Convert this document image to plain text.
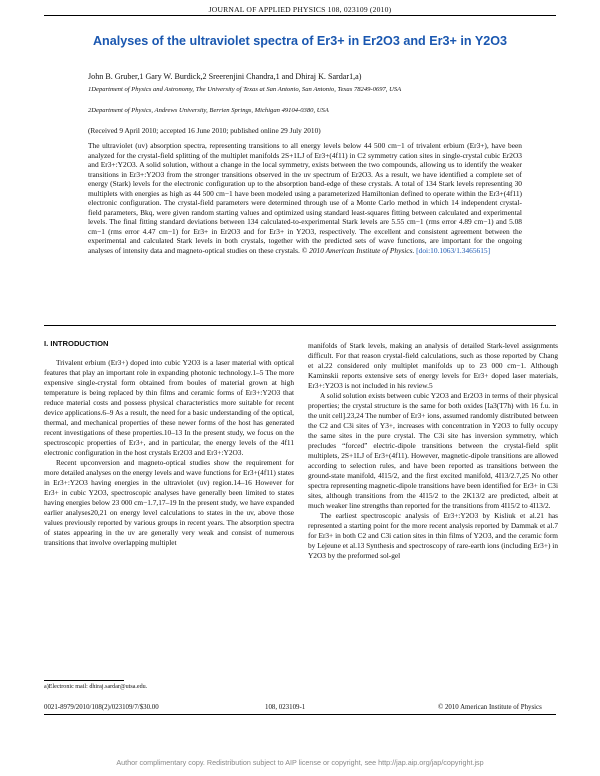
JOURNAL OF APPLIED PHYSICS 108, 023109 (2010)
Analyses of the ultraviolet spectra of Er3+ in Er2O3 and Er3+ in Y2O3
John B. Gruber,1 Gary W. Burdick,2 Sreerenjini Chandra,1 and Dhiraj K. Sardar1,a)
1Department of Physics and Astronomy, The University of Texas at San Antonio, San Antonio, Texas 78249-0697, USA
2Department of Physics, Andrews University, Berrien Springs, Michigan 49104-0380, USA
(Received 9 April 2010; accepted 16 June 2010; published online 29 July 2010)
The ultraviolet (uv) absorption spectra, representing transitions to all energy levels below 44 500 cm−1 of trivalent erbium (Er3+), have been analyzed for the crystal-field splitting of the multiplet manifolds 2S+1LJ of Er3+(4f11) in C2 symmetry cation sites in single-crystal cubic Er2O3 and Er3+:Y2O3. A solid solution, without a change in the local symmetry, exists between the two compounds, allowing us to identify the weaker transitions in Er3+:Y2O3 from the stronger transitions observed in the uv spectrum of Er2O3. As a result, we have identified a complete set of energy (Stark) levels for the electronic configuration up to the absorption band-edge of these crystals. A total of 134 Stark levels representing 30 multiplets with energies as high as 44 500 cm−1 have been modeled using a parameterized Hamiltonian defined to operate within the Er3+(4f11) electronic configuration. The crystal-field parameters were determined through use of a Monte Carlo method in which 14 independent crystal-field parameters, Bkq, were given random starting values and optimized using standard least-squares fitting between calculated and experimental levels. The final fitting standard deviations between 134 calculated-to-experimental Stark levels are 5.55 cm−1 (rms error 4.89 cm−1) and 5.08 cm−1 (rms error 4.47 cm−1) for Er3+ in Er2O3 and for Er3+ in Y2O3, respectively. The excellent and consistent agreement between the experimental and calculated Stark levels in both crystals, together with the predicted sets of wave functions, are important for the ongoing analyses of intensity data and magneto-optical studies on these crystals. © 2010 American Institute of Physics. [doi:10.1063/1.3465615]
I. INTRODUCTION

Trivalent erbium (Er3+) doped into cubic Y2O3 is a laser material with optical features that play an important role in expanding photonic technology.1–5 The more expensive single-crystal form obtained from boules of material grown at high temperature is being replaced by thin films and ceramic forms of Er3+:Y2O3 that reduce material costs and possess physical characteristics more suitable for recent device applications.6–9 As a result, the need for a basic understanding of the optical, thermal, and mechanical properties of these newer forms of the host has generated recent investigations of these properties.10–13 In the present study, we focus on the spectroscopic properties of Er3+, and in particular, the energy levels of the 4f11 electronic configuration in the host crystals Er2O3 and Er3+:Y2O3.

Recent upconversion and magneto-optical studies show the requirement for more detailed analyses on the energy levels and wave functions for Er3+(4f11) states in Er3+:Y2O3 having energies in the ultraviolet (uv) region.14–16 However for Er3+ in cubic Y2O3, spectroscopic analyses have generally been limited to states having energies below 23 000 cm−1.7,17–19 In the present study, we have expanded earlier analyses20,21 on energy level calculations to states in the uv, above those values previously reported by various groups in recent years. The absorption spectra of states appearing in the uv are generally very weak and consist of numerous transitions that involve overlapping multiplet

manifolds of Stark levels, making an analysis of detailed Stark-level assignments difficult. For that reason crystal-field calculations, such as those reported by Chang et al.22 considered only multiplet manifolds up to 23 000 cm−1. Although Kaminskii reports extensive sets of energy levels for Er3+ doped laser materials, Er3+:Y2O3 is not included in his review.5

A solid solution exists between cubic Y2O3 and Er2O3 in terms of their physical properties; the crystal structure is the same for both oxides [Ia3(T7h) with 16 f.u. in the unit cell].23,24 The number of Er3+ ions, assumed randomly distributed between the C2 and C3i sites of Y3+, increases with concentration in Y2O3 to fully occupy the same sites in the pure crystal. The C3i site has inversion symmetry, which precludes “forced” electric-dipole transitions between the crystal-field split multiplets, 2S+1LJ of Er3+(4f11). However, magnetic-dipole transitions are allowed according to selection rules, and have been reported as transitions between the ground-state manifold, 4I15/2, and the first excited manifold, 4I13/2.7,25 No other spectra representing magnetic-dipole transitions have been identified for Er3+ in C3i sites, although transitions from the 4I15/2 to the 2K13/2 are predicted, albeit at much weaker line strengths than reported for the transitions from 4I15/2 to 4I13/2.

The earliest spectroscopic analysis of Er3+:Y2O3 by Kisliuk et al.21 has represented a starting point for the more recent analysis reported by Dammak et al.7 for Er3+ in both C2 and C3i cation sites in thin films of Y2O3, and the ceramic form by Lejeune et al.13 Synthesis and spectroscopy of rare-earth ions (including Er3+) in Y2O3 by the preformed sol-gel

a)Electronic mail: dhiraj.sardar@utsa.edu.
0021-8979/2010/108(2)/023109/7/$30.00	108, 023109-1	© 2010 American Institute of Physics
Author complimentary copy. Redistribution subject to AIP license or copyright, see http://jap.aip.org/jap/copyright.jsp
